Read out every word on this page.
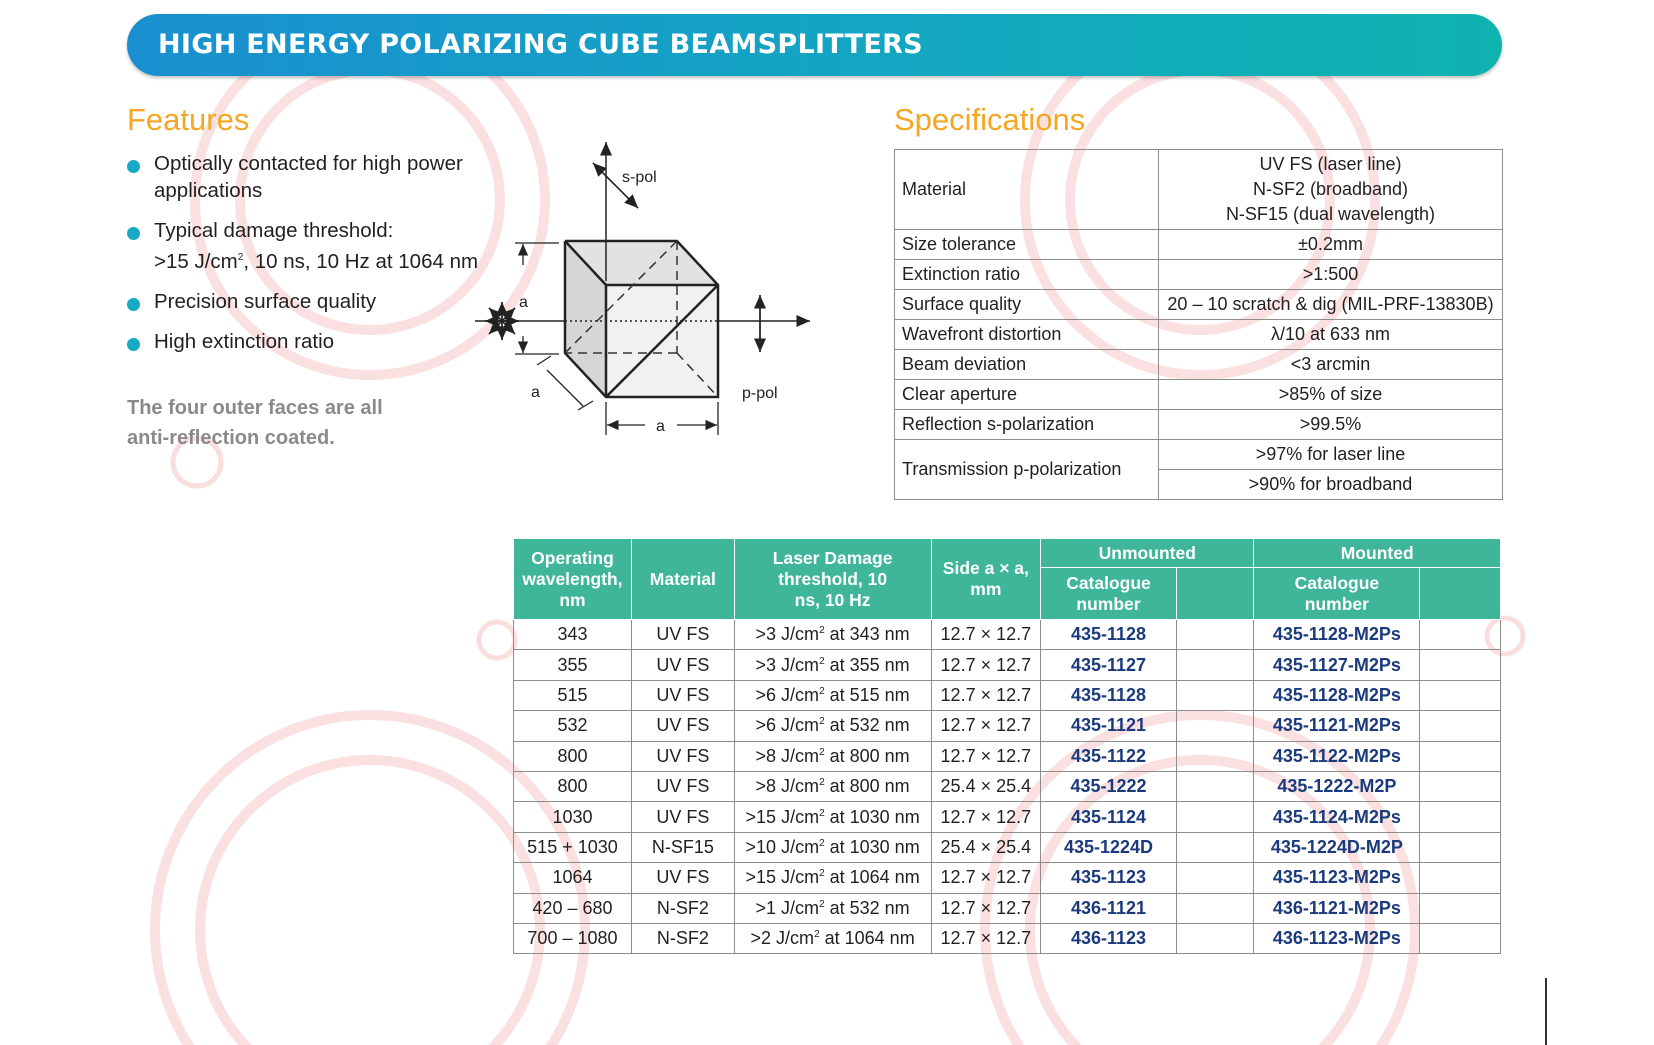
HIGH ENERGY POLARIZING CUBE BEAMSPLITTERS
Features
Optically contacted for high power applications
Typical damage threshold:
>15 $J/cm^2$, 10 ns, 10 Hz at 1064 nm
Precision surface quality
High extinction ratio
The four outer faces are all anti-reflection coated.
s-pol
p-pol
a
a
a
Specifications
Material	UV FS (laser line)
N-SF2 (broadband)
N-SF15 (dual wavelength)

Size tolerance	±0.2mm
Extinction ratio	>1:500
Surface quality	20 – 10 scratch & dig (MIL-PRF-13830B)
Wavefront distortion	λ/10 at 633 nm
Beam deviation	<3 arcmin
Clear aperture	>85% of size
Reflection s-polarization	>99.5%
Transmission p-polarization	>97% for laser line
	>90% for broadband
Operating wavelength, nm	Material	Laser Damage threshold, 10 ns, 10 Hz	Side a × a, mm	Unmounted		Mounted	
				Catalogue number		Catalogue number	
343	UV FS	>3 $J/cm^2$ at 343 nm	12.7 × 12.7	435-1128		435-1128-M2Ps	
355	UV FS	>3 $J/cm^2$ at 355 nm	12.7 × 12.7	435-1127		435-1127-M2Ps	
515	UV FS	>6 $J/cm^2$ at 515 nm	12.7 × 12.7	435-1128		435-1128-M2Ps	
532	UV FS	>6 $J/cm^2$ at 532 nm	12.7 × 12.7	435-1121		435-1121-M2Ps	
800	UV FS	>8 $J/cm^2$ at 800 nm	12.7 × 12.7	435-1122		435-1122-M2Ps	
800	UV FS	>8 $J/cm^2$ at 800 nm	25.4 × 25.4	435-1222		435-1222-M2P	
1030	UV FS	>15 $J/cm^2$ at 1030 nm	12.7 × 12.7	435-1124		435-1124-M2Ps	
515 + 1030	N-SF15	>10 $J/cm^2$ at 1030 nm	25.4 × 25.4	435-1224D		435-1224D-M2P	
1064	UV FS	>15 $J/cm^2$ at 1064 nm	12.7 × 12.7	435-1123		435-1123-M2Ps	
420 – 680	N-SF2	>1 $J/cm^2$ at 532 nm	12.7 × 12.7	436-1121		436-1121-M2Ps	
700 – 1080	N-SF2	>2 $J/cm^2$ at 1064 nm	12.7 × 12.7	436-1123		436-1123-M2Ps	
